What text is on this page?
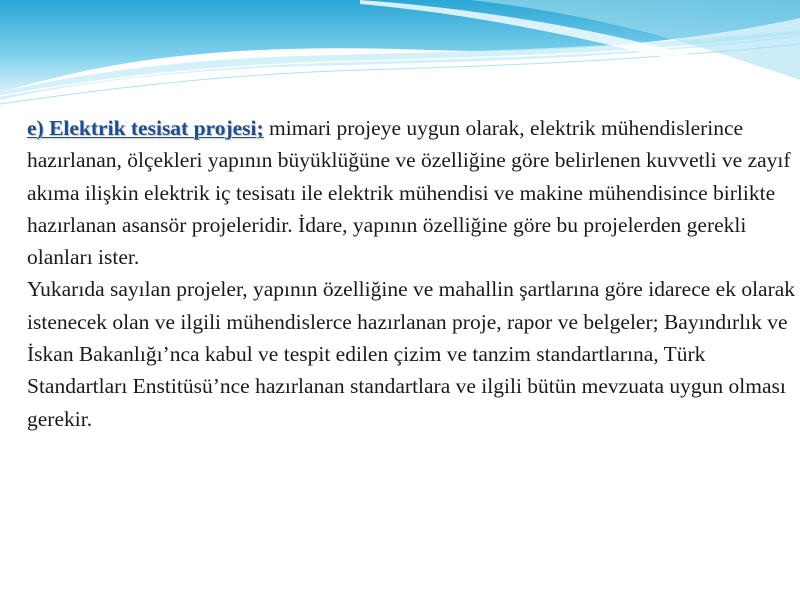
e) Elektrik tesisat projesi; mimari projeye uygun olarak, elektrik mühendislerince hazırlanan, ölçekleri yapının büyüklüğüne ve özelliğine göre belirlenen kuvvetli ve zayıf akıma ilişkin elektrik iç tesisatı ile elektrik mühendisi ve makine mühendisince birlikte hazırlanan asansör projeleridir. İdare, yapının özelliğine göre bu projelerden gerekli olanları ister.

Yukarıda sayılan projeler, yapının özelliğine ve mahallin şartlarına göre idarece ek olarak istenecek olan ve ilgili mühendislerce hazırlanan proje, rapor ve belgeler; Bayındırlık ve İskan Bakanlığı’nca kabul ve tespit edilen çizim ve tanzim standartlarına, Türk Standartları Enstitüsü’nce hazırlanan standartlara ve ilgili bütün mevzuata uygun olması gerekir.
